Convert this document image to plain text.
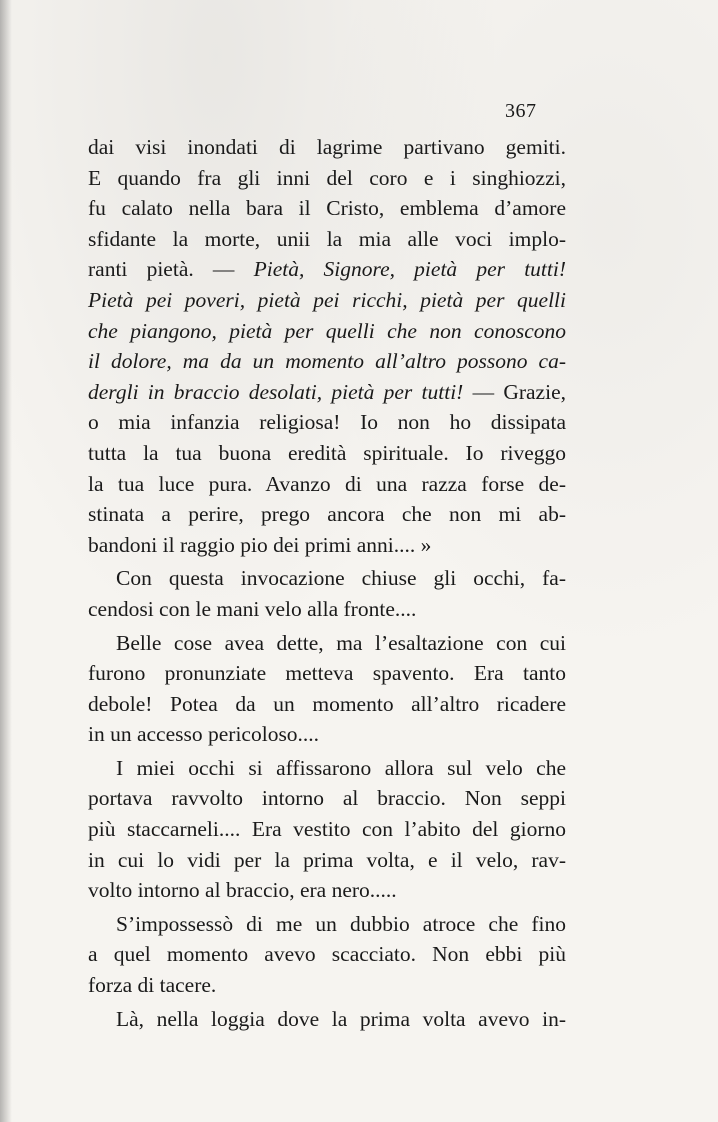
367
dai visi inondati di lagrime partivano gemiti.
E quando fra gli inni del coro e i singhiozzi,
fu calato nella bara il Cristo, emblema d’amore
sfidante la morte, unii la mia alle voci implo-
ranti pietà. — Pietà, Signore, pietà per tutti!
Pietà pei poveri, pietà pei ricchi, pietà per quelli
che piangono, pietà per quelli che non conoscono
il dolore, ma da un momento all’altro possono ca-
dergli in braccio desolati, pietà per tutti! — Grazie,
o mia infanzia religiosa! Io non ho dissipata
tutta la tua buona eredità spirituale. Io riveggo
la tua luce pura. Avanzo di una razza forse de-
stinata a perire, prego ancora che non mi ab-
bandoni il raggio pio dei primi anni.... »
Con questa invocazione chiuse gli occhi, fa-
cendosi con le mani velo alla fronte....
Belle cose avea dette, ma l’esaltazione con cui
furono pronunziate metteva spavento. Era tanto
debole! Potea da un momento all’altro ricadere
in un accesso pericoloso....
I miei occhi si affissarono allora sul velo che
portava ravvolto intorno al braccio. Non seppi
più staccarneli.... Era vestito con l’abito del giorno
in cui lo vidi per la prima volta, e il velo, rav-
volto intorno al braccio, era nero.....
S’impossessò di me un dubbio atroce che fino
a quel momento avevo scacciato. Non ebbi più
forza di tacere.
Là, nella loggia dove la prima volta avevo in-
